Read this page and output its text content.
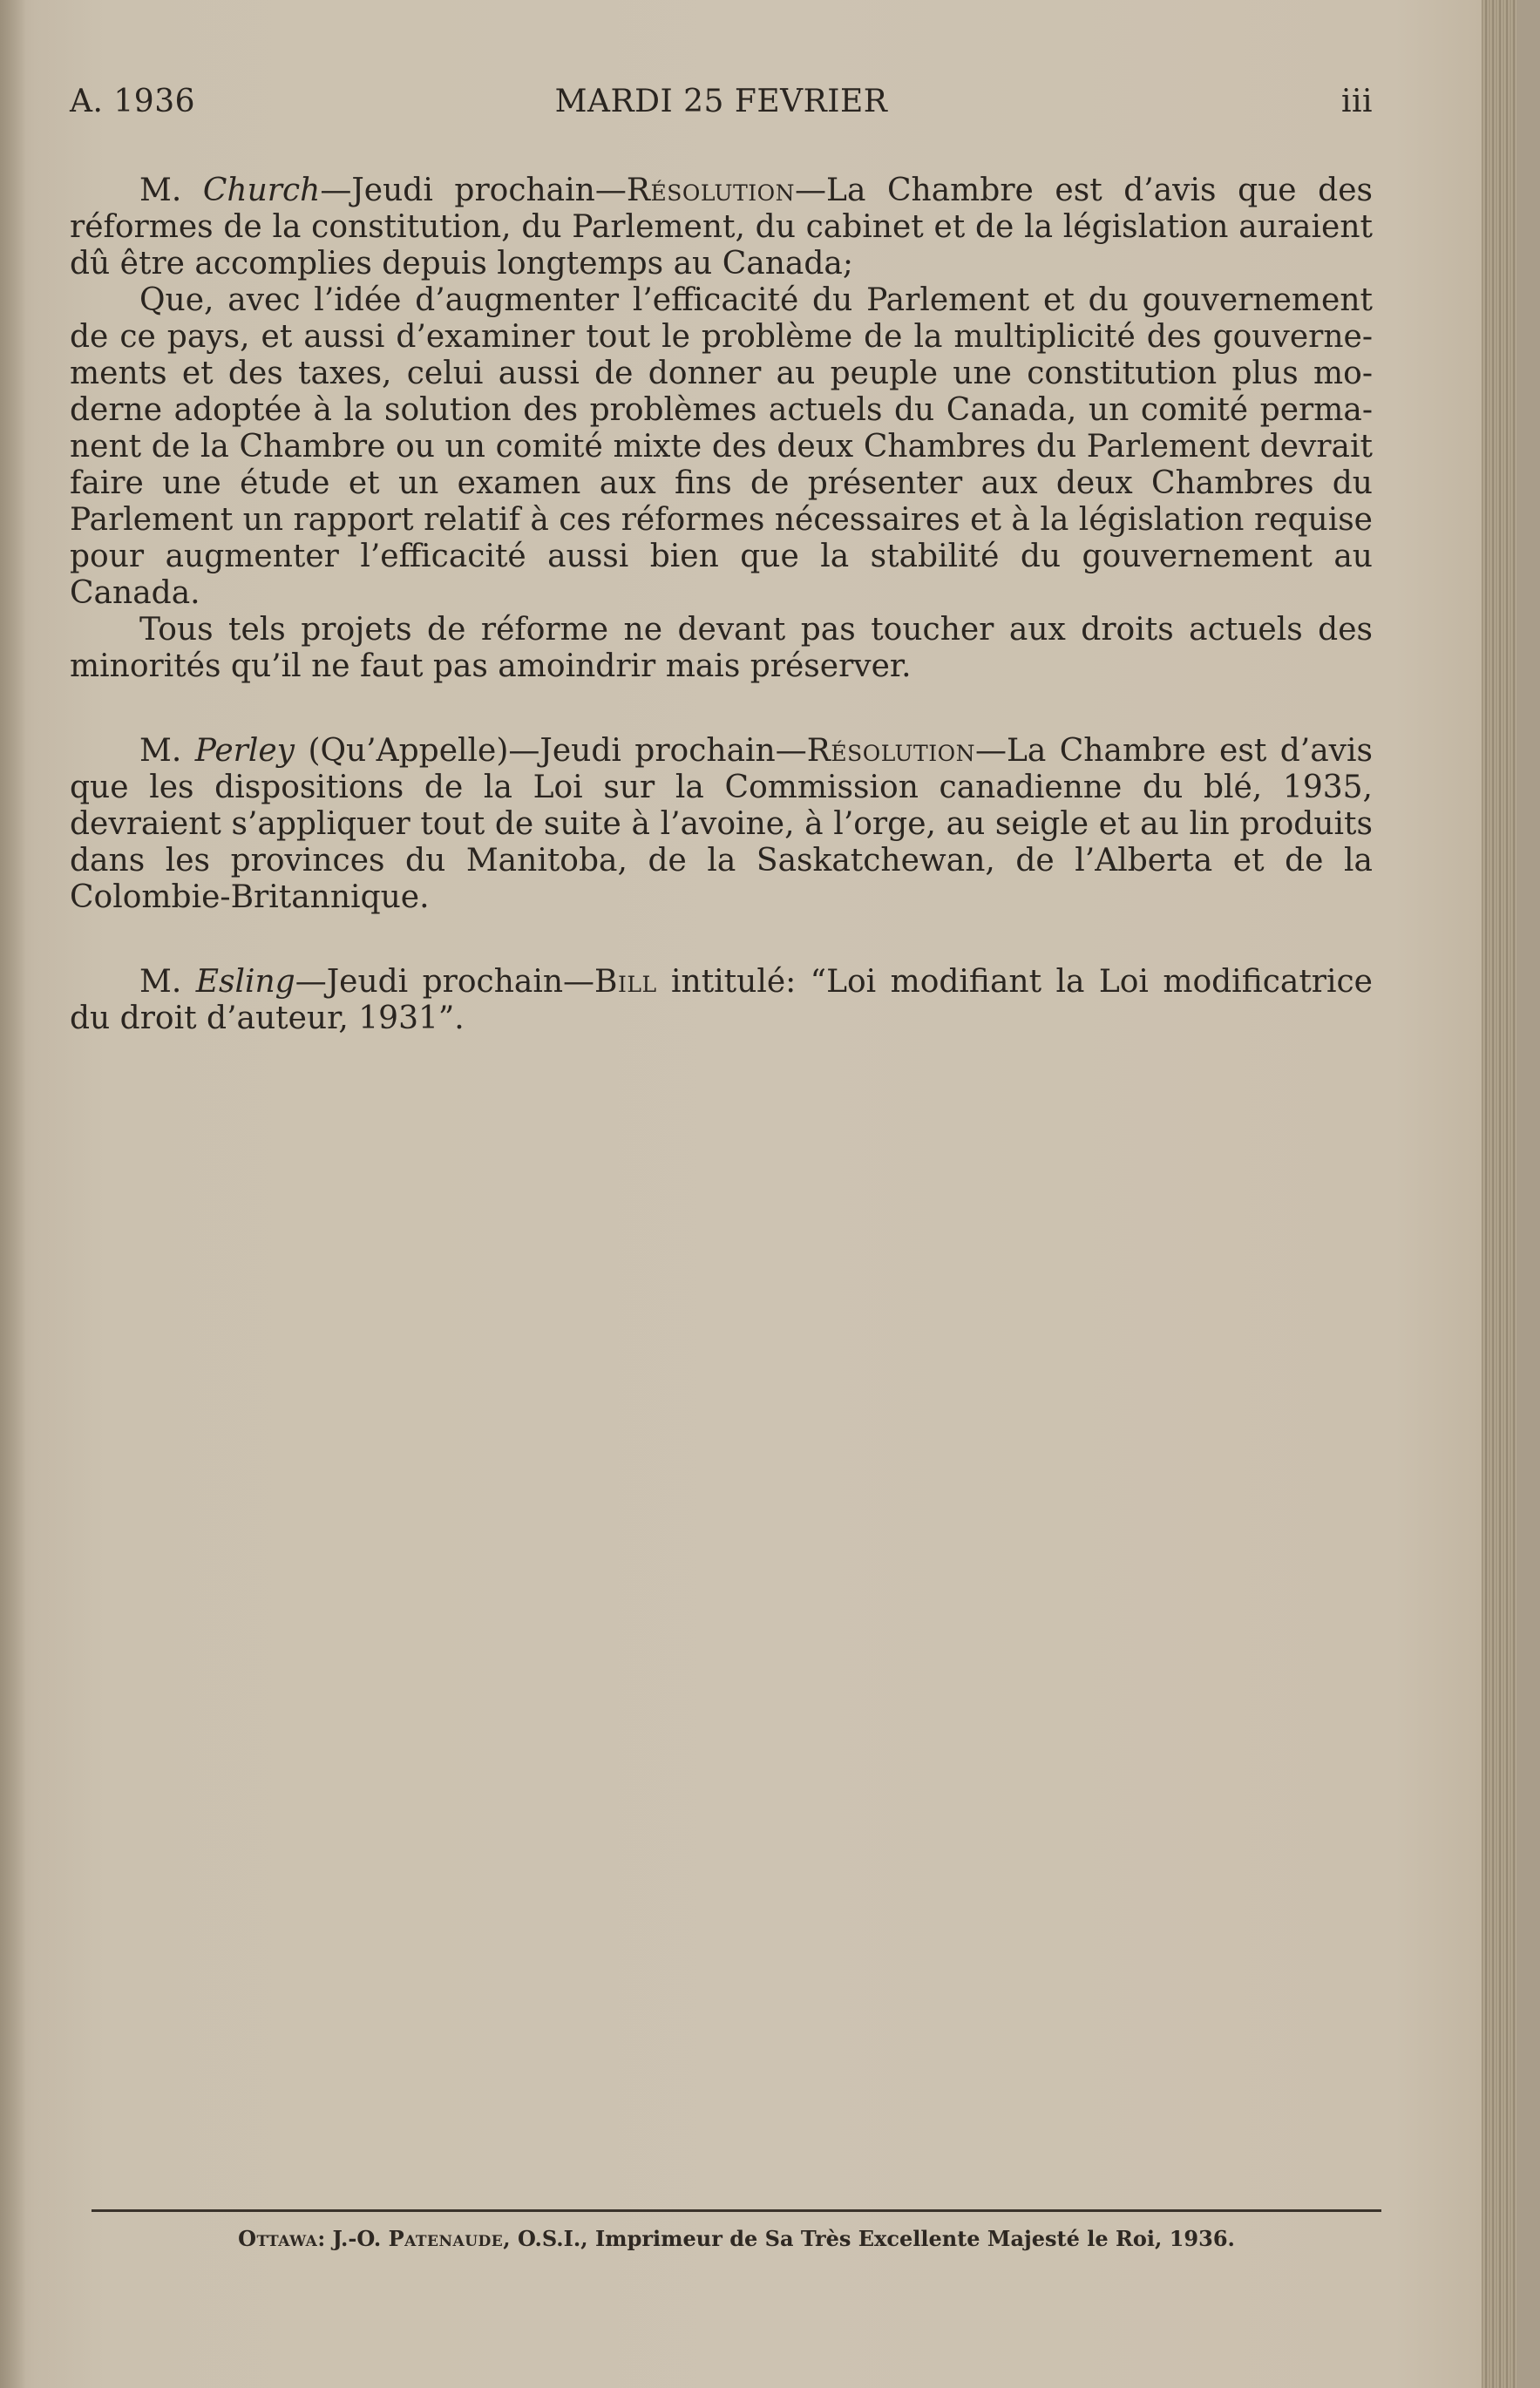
A. 1936	MARDI 25 FEVRIER	iii

M. Church—Jeudi prochain—Résolution—La Chambre est d’avis que des réformes de la constitution, du Parlement, du cabinet et de la législation auraient dû être accomplies depuis longtemps au Canada;

Que, avec l’idée d’augmenter l’efficacité du Parlement et du gouvernement de ce pays, et aussi d’examiner tout le problème de la multiplicité des gouvernements et des taxes, celui aussi de donner au peuple une constitution plus moderne adoptée à la solution des problèmes actuels du Canada, un comité permanent de la Chambre ou un comité mixte des deux Chambres du Parlement devrait faire une étude et un examen aux fins de présenter aux deux Chambres du Parlement un rapport relatif à ces réformes nécessaires et à la législation requise pour augmenter l’efficacité aussi bien que la stabilité du gouvernement au Canada.

Tous tels projets de réforme ne devant pas toucher aux droits actuels des minorités qu’il ne faut pas amoindrir mais préserver.

M. Perley (Qu’Appelle)—Jeudi prochain—Résolution—La Chambre est d’avis que les dispositions de la Loi sur la Commission canadienne du blé, 1935, devraient s’appliquer tout de suite à l’avoine, à l’orge, au seigle et au lin produits dans les provinces du Manitoba, de la Saskatchewan, de l’Alberta et de la Colombie-Britannique.

M. Esling—Jeudi prochain—Bill intitulé: “Loi modifiant la Loi modificatrice du droit d’auteur, 1931”.

Ottawa: J.-O. Patenaude, O.S.I., Imprimeur de Sa Très Excellente Majesté le Roi, 1936.
